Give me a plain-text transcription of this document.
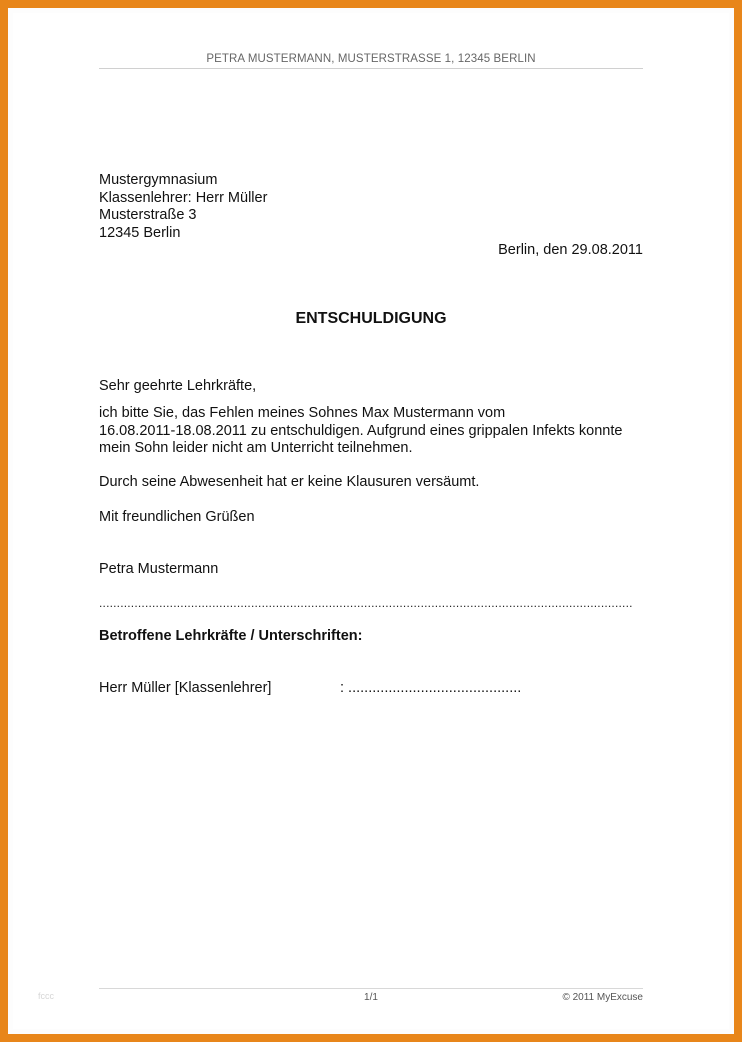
PETRA MUSTERMANN, MUSTERSTRASSE 1, 12345 BERLIN
Mustergymnasium
Klassenlehrer: Herr Müller
Musterstraße 3
12345 Berlin
Berlin, den 29.08.2011
ENTSCHULDIGUNG
Sehr geehrte Lehrkräfte,
ich bitte Sie, das Fehlen meines Sohnes Max Mustermann vom
16.08.2011-18.08.2011 zu entschuldigen. Aufgrund eines grippalen Infekts konnte
mein Sohn leider nicht am Unterricht teilnehmen.
Durch seine Abwesenheit hat er keine Klausuren versäumt.
Mit freundlichen Grüßen
Petra Mustermann
.......................................................................................................................................................
Betroffene Lehrkräfte / Unterschriften:
Herr Müller [Klassenlehrer]	: ...........................................
fccc	1/1	© 2011 MyExcuse
